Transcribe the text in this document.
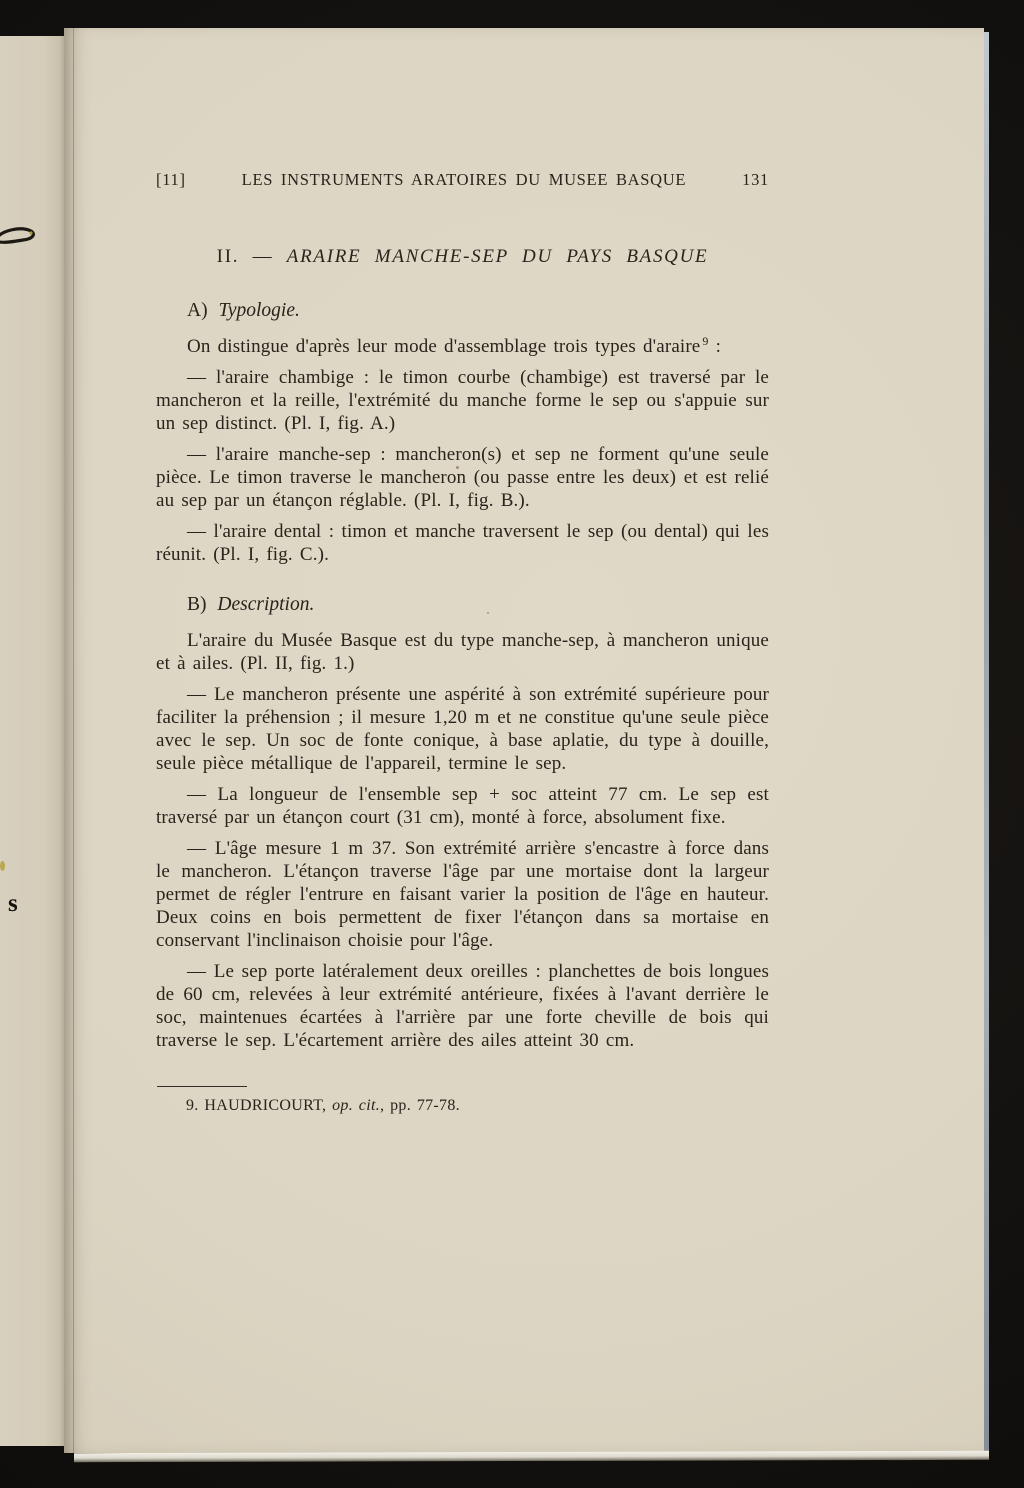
s
[11]	LES INSTRUMENTS ARATOIRES DU MUSEE BASQUE	131
II. — ARAIRE MANCHE-SEP DU PAYS BASQUE
A) Typologie.

On distingue d'après leur mode d'assemblage trois types d'araire $^9$ :

— l'araire chambige : le timon courbe (chambige) est traversé par le mancheron et la reille, l'extrémité du manche forme le sep ou s'appuie sur un sep distinct. (Pl. I, fig. A.)

— l'araire manche-sep : mancheron(s) et sep ne forment qu'une seule pièce. Le timon traverse le mancheron (ou passe entre les deux) et est relié au sep par un étançon réglable. (Pl. I, fig. B.).

— l'araire dental : timon et manche traversent le sep (ou dental) qui les réunit. (Pl. I, fig. C.).

B) Description.

L'araire du Musée Basque est du type manche-sep, à mancheron unique et à ailes. (Pl. II, fig. 1.)

— Le mancheron présente une aspérité à son extrémité supérieure pour faciliter la préhension ; il mesure 1,20 m et ne constitue qu'une seule pièce avec le sep. Un soc de fonte conique, à base aplatie, du type à douille, seule pièce métallique de l'appareil, termine le sep.

— La longueur de l'ensemble sep + soc atteint 77 cm. Le sep est traversé par un étançon court (31 cm), monté à force, absolument fixe.

— L'âge mesure 1 m 37. Son extrémité arrière s'encastre à force dans le mancheron. L'étançon traverse l'âge par une mortaise dont la largeur permet de régler l'entrure en faisant varier la position de l'âge en hauteur. Deux coins en bois permettent de fixer l'étançon dans sa mortaise en conservant l'inclinaison choisie pour l'âge.

— Le sep porte latéralement deux oreilles : planchettes de bois longues de 60 cm, relevées à leur extrémité antérieure, fixées à l'avant derrière le soc, maintenues écartées à l'arrière par une forte cheville de bois qui traverse le sep. L'écartement arrière des ailes atteint 30 cm.

9. HAUDRICOURT, op. cit., pp. 77-78.
